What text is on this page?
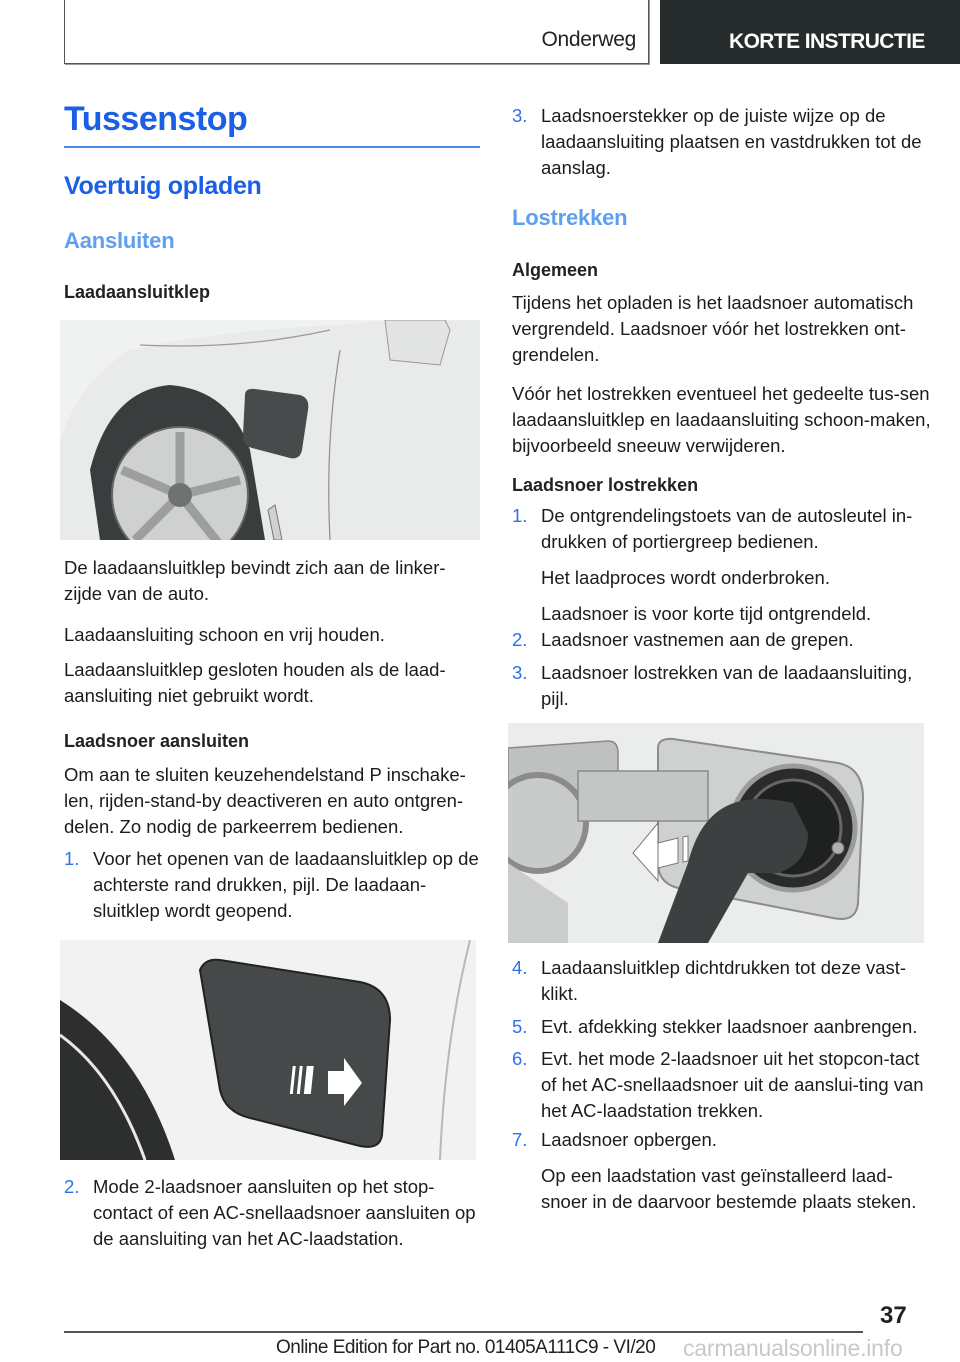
Onderweg	KORTE INSTRUCTIE
Tussenstop
Voertuig opladen
Aansluiten
Laadaansluitklep

De laadaansluitklep bevindt zich aan de linker-zijde van de auto.

Laadaansluiting schoon en vrij houden.

Laadaansluitklep gesloten houden als de laad-aansluiting niet gebruikt wordt.

Laadsnoer aansluiten

Om aan te sluiten keuzehendelstand P inschake-len, rijden-stand-by deactiveren en auto ontgren-delen. Zo nodig de parkeerrem bedienen.

1. Voor het openen van de laadaansluitklep op de achterste rand drukken, pijl. De laadaan-sluitklep wordt geopend.

2. Mode 2-laadsnoer aansluiten op het stop-contact of een AC-snellaadsnoer aansluiten op de aansluiting van het AC-laadstation.

3. Laadsnoerstekker op de juiste wijze op de laadaansluiting plaatsen en vastdrukken tot de aanslag.

Lostrekken
Algemeen

Tijdens het opladen is het laadsnoer automatisch vergrendeld. Laadsnoer vóór het lostrekken ont-grendelen.

Vóór het lostrekken eventueel het gedeelte tus-sen laadaansluitklep en laadaansluiting schoon-maken, bijvoorbeeld sneeuw verwijderen.

Laadsnoer lostrekken
1. De ontgrendelingstoets van de autosleutel in-drukken of portiergreep bedienen.

Het laadproces wordt onderbroken.

Laadsnoer is voor korte tijd ontgrendeld.

2. Laadsnoer vastnemen aan de grepen.

3. Laadsnoer lostrekken van de laadaansluiting, pijl.

4. Laadaansluitklep dichtdrukken tot deze vast-klikt.

5. Evt. afdekking stekker laadsnoer aanbrengen.

6. Evt. het mode 2-laadsnoer uit het stopcon-tact of het AC-snellaadsnoer uit de aanslui-ting van het AC-laadstation trekken.

7. Laadsnoer opbergen.

Op een laadstation vast geïnstalleerd laad-snoer in de daarvoor bestemde plaats steken.

37
Online Edition for Part no. 01405A111C9 - VI/20 carmanualsonline.info
